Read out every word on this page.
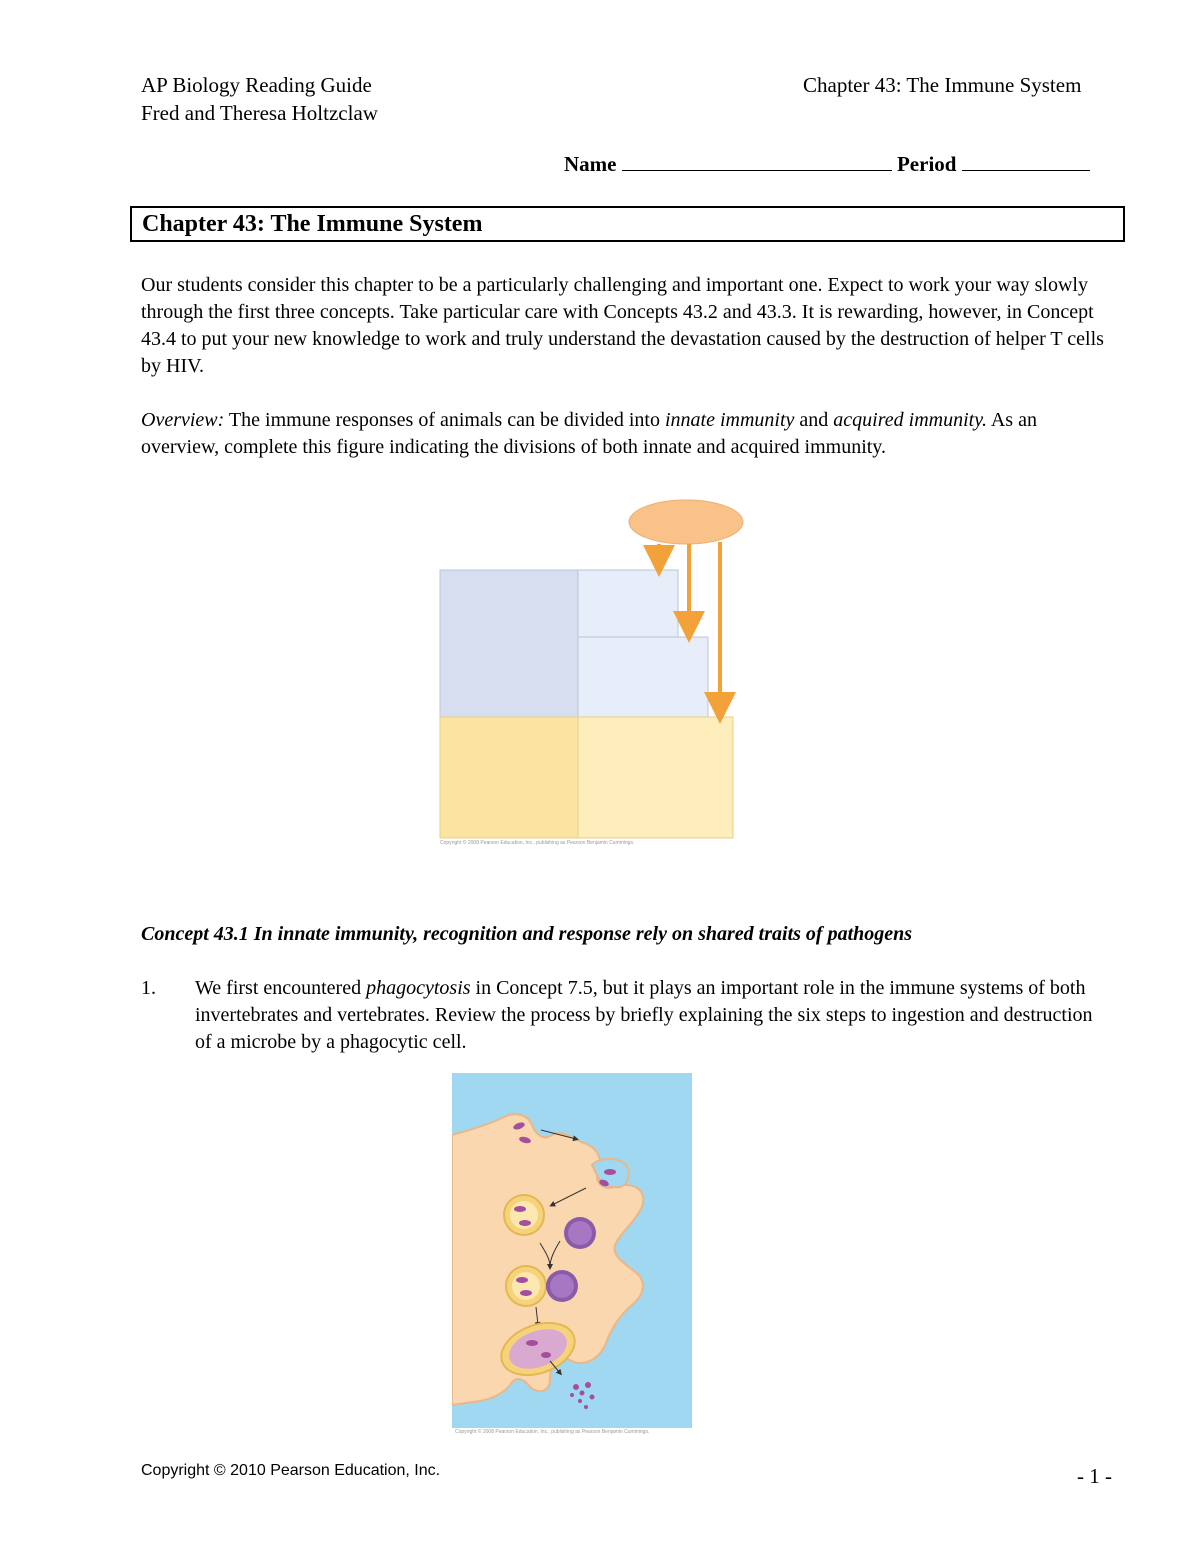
AP Biology Reading Guide
Fred and Theresa Holtzclaw
Chapter 43: The Immune System
Name	Period
Chapter 43: The Immune System
Our students consider this chapter to be a particularly challenging and important one. Expect to work your way slowly through the first three concepts. Take particular care with Concepts 43.2 and 43.3. It is rewarding, however, in Concept 43.4 to put your new knowledge to work and truly understand the devastation caused by the destruction of helper T cells by HIV.
Overview: The immune responses of animals can be divided into innate immunity and acquired immunity. As an overview, complete this figure indicating the divisions of both innate and acquired immunity.
Copyright © 2008 Pearson Education, Inc., publishing as Pearson Benjamin Cummings.
Concept 43.1 In innate immunity, recognition and response rely on shared traits of pathogens
1. We first encountered phagocytosis in Concept 7.5, but it plays an important role in the immune systems of both invertebrates and vertebrates. Review the process by briefly explaining the six steps to ingestion and destruction of a microbe by a phagocytic cell.
Copyright © 2008 Pearson Education, Inc., publishing as Pearson Benjamin Cummings.
Copyright © 2010 Pearson Education, Inc.	- 1 -
